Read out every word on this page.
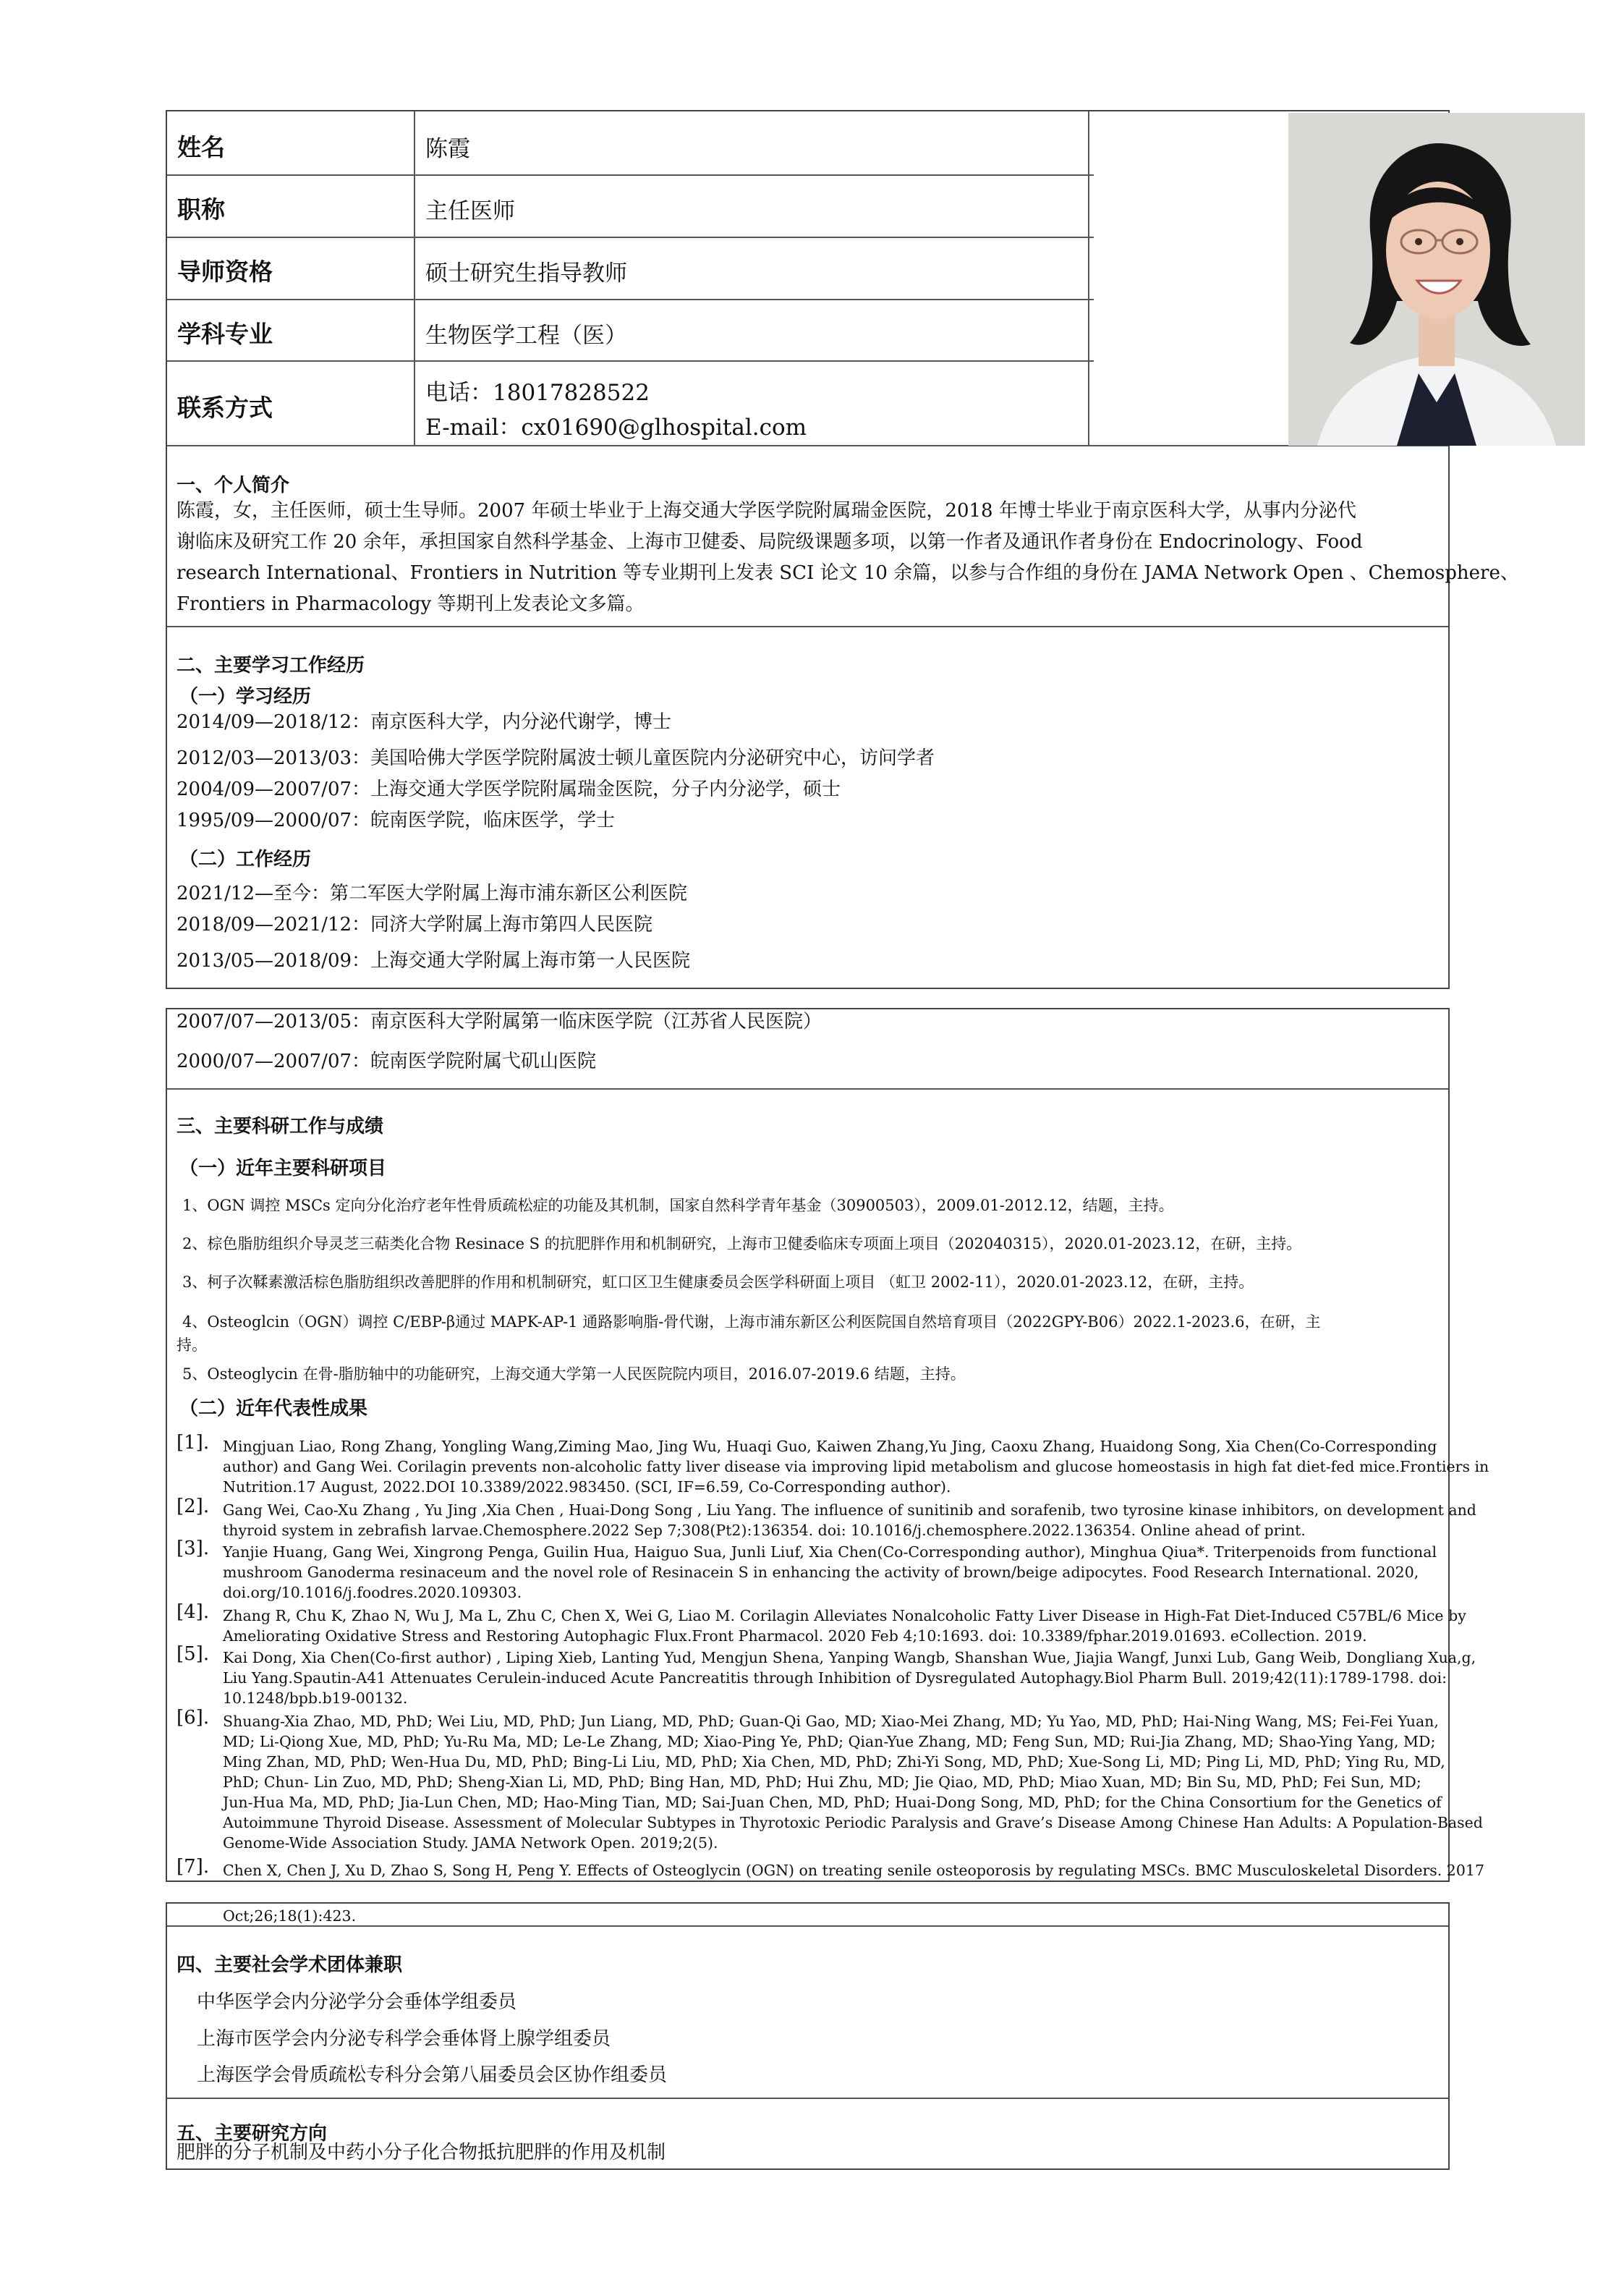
姓名
职称
导师资格
学科专业
联系方式
陈霞
主任医师
硕士研究生指导教师
生物医学工程（医）
电话：18017828522
E-mail：cx01690@glhospital.com
一、个人简介
陈霞，女，主任医师，硕士生导师。2007 年硕士毕业于上海交通大学医学院附属瑞金医院，2018 年博士毕业于南京医科大学，从事内分泌代
谢临床及研究工作 20 余年，承担国家自然科学基金、上海市卫健委、局院级课题多项，以第一作者及通讯作者身份在 Endocrinology、Food
research International、Frontiers in Nutrition 等专业期刊上发表 SCI 论文 10 余篇，以参与合作组的身份在 JAMA Network Open 、Chemosphere、
Frontiers in Pharmacology 等期刊上发表论文多篇。
二、主要学习工作经历
（一）学习经历
2014/09—2018/12：南京医科大学，内分泌代谢学，博士
2012/03—2013/03：美国哈佛大学医学院附属波士顿儿童医院内分泌研究中心，访问学者
2004/09—2007/07：上海交通大学医学院附属瑞金医院，分子内分泌学，硕士
1995/09—2000/07：皖南医学院，临床医学，学士
（二）工作经历
2021/12—至今：第二军医大学附属上海市浦东新区公利医院
2018/09—2021/12：同济大学附属上海市第四人民医院
2013/05—2018/09：上海交通大学附属上海市第一人民医院
2007/07—2013/05：南京医科大学附属第一临床医学院（江苏省人民医院）
2000/07—2007/07：皖南医学院附属弋矶山医院
三、主要科研工作与成绩
（一）近年主要科研项目
1、OGN 调控 MSCs 定向分化治疗老年性骨质疏松症的功能及其机制，国家自然科学青年基金（30900503），2009.01-2012.12，结题，主持。
2、棕色脂肪组织介导灵芝三萜类化合物 Resinace S 的抗肥胖作用和机制研究，上海市卫健委临床专项面上项目（202040315），2020.01-2023.12，在研，主持。
3、柯子次鞣素激活棕色脂肪组织改善肥胖的作用和机制研究，虹口区卫生健康委员会医学科研面上项目 （虹卫 2002-11），2020.01-2023.12，在研，主持。
4、Osteoglcin（OGN）调控 C/EBP-β通过 MAPK-AP-1 通路影响脂-骨代谢，上海市浦东新区公利医院国自然培育项目（2022GPY-B06）2022.1-2023.6，在研，主
持。
5、Osteoglycin 在骨-脂肪轴中的功能研究，上海交通大学第一人民医院院内项目，2016.07-2019.6 结题，主持。
（二）近年代表性成果
[1]. Mingjuan Liao, Rong Zhang, Yongling Wang,Ziming Mao, Jing Wu, Huaqi Guo, Kaiwen Zhang,Yu Jing, Caoxu Zhang, Huaidong Song, Xia Chen(Co-Corresponding
author) and Gang Wei. Corilagin prevents non-alcoholic fatty liver disease via improving lipid metabolism and glucose homeostasis in high fat diet-fed mice.Frontiers in
Nutrition.17 August, 2022.DOI 10.3389/2022.983450. (SCI, IF=6.59, Co-Corresponding author).
[2]. Gang Wei, Cao-Xu Zhang , Yu Jing ,Xia Chen , Huai-Dong Song , Liu Yang. The influence of sunitinib and sorafenib, two tyrosine kinase inhibitors, on development and
thyroid system in zebrafish larvae.Chemosphere.2022 Sep 7;308(Pt2):136354. doi: 10.1016/j.chemosphere.2022.136354. Online ahead of print.
[3]. Yanjie Huang, Gang Wei, Xingrong Penga, Guilin Hua, Haiguo Sua, Junli Liuf, Xia Chen(Co-Corresponding author), Minghua Qiua*. Triterpenoids from functional
mushroom Ganoderma resinaceum and the novel role of Resinacein S in enhancing the activity of brown/beige adipocytes. Food Research International. 2020,
doi.org/10.1016/j.foodres.2020.109303.
[4]. Zhang R, Chu K, Zhao N, Wu J, Ma L, Zhu C, Chen X, Wei G, Liao M. Corilagin Alleviates Nonalcoholic Fatty Liver Disease in High-Fat Diet-Induced C57BL/6 Mice by
Ameliorating Oxidative Stress and Restoring Autophagic Flux.Front Pharmacol. 2020 Feb 4;10:1693. doi: 10.3389/fphar.2019.01693. eCollection. 2019.
[5]. Kai Dong, Xia Chen(Co-first author) , Liping Xieb, Lanting Yud, Mengjun Shena, Yanping Wangb, Shanshan Wue, Jiajia Wangf, Junxi Lub, Gang Weib, Dongliang Xua,g,
Liu Yang.Spautin-A41 Attenuates Cerulein-induced Acute Pancreatitis through Inhibition of Dysregulated Autophagy.Biol Pharm Bull. 2019;42(11):1789-1798. doi:
10.1248/bpb.b19-00132.
[6]. Shuang-Xia Zhao, MD, PhD; Wei Liu, MD, PhD; Jun Liang, MD, PhD; Guan-Qi Gao, MD; Xiao-Mei Zhang, MD; Yu Yao, MD, PhD; Hai-Ning Wang, MS; Fei-Fei Yuan,
MD; Li-Qiong Xue, MD, PhD; Yu-Ru Ma, MD; Le-Le Zhang, MD; Xiao-Ping Ye, PhD; Qian-Yue Zhang, MD; Feng Sun, MD; Rui-Jia Zhang, MD; Shao-Ying Yang, MD;
Ming Zhan, MD, PhD; Wen-Hua Du, MD, PhD; Bing-Li Liu, MD, PhD; Xia Chen, MD, PhD; Zhi-Yi Song, MD, PhD; Xue-Song Li, MD; Ping Li, MD, PhD; Ying Ru, MD,
PhD; Chun- Lin Zuo, MD, PhD; Sheng-Xian Li, MD, PhD; Bing Han, MD, PhD; Hui Zhu, MD; Jie Qiao, MD, PhD; Miao Xuan, MD; Bin Su, MD, PhD; Fei Sun, MD;
Jun-Hua Ma, MD, PhD; Jia-Lun Chen, MD; Hao-Ming Tian, MD; Sai-Juan Chen, MD, PhD; Huai-Dong Song, MD, PhD; for the China Consortium for the Genetics of
Autoimmune Thyroid Disease. Assessment of Molecular Subtypes in Thyrotoxic Periodic Paralysis and Grave’s Disease Among Chinese Han Adults: A Population-Based
Genome-Wide Association Study. JAMA Network Open. 2019;2(5).
[7]. Chen X, Chen J, Xu D, Zhao S, Song H, Peng Y. Effects of Osteoglycin (OGN) on treating senile osteoporosis by regulating MSCs. BMC Musculoskeletal Disorders. 2017
Oct;26;18(1):423.
四、主要社会学术团体兼职
中华医学会内分泌学分会垂体学组委员
上海市医学会内分泌专科学会垂体肾上腺学组委员
上海医学会骨质疏松专科分会第八届委员会区协作组委员
五、主要研究方向
肥胖的分子机制及中药小分子化合物抵抗肥胖的作用及机制
